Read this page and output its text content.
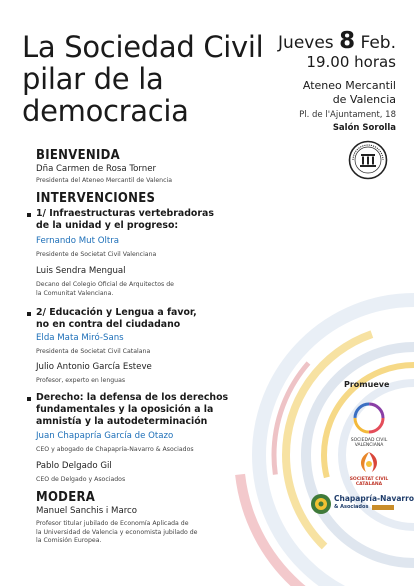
La Sociedad Civil
pilar de la
democracia
Jueves 8 Feb.
19.00 horas
Ateneo Mercantil
de Valencia
Pl. de l'Ajuntament, 18
Salón Sorolla
BIENVENIDA
Dña Carmen de Rosa Torner
Presidenta del Ateneo Mercantil de Valencia
INTERVENCIONES
1/ Infraestructuras vertebradoras
de la unidad y el progreso:
Fernando Mut Oltra
Presidente de Societat Civil Valenciana
Luis Sendra Mengual
Decano del Colegio Oficial de Arquitectos de
la Comunitat Valenciana.
2/ Educación y Lengua a favor,
no en contra del ciudadano
Elda Mata Miró-Sans
Presidenta de Societat Civil Catalana
Julio Antonio García Esteve
Profesor, experto en lenguas
Derecho: la defensa de los derechos
fundamentales y la oposición a la
amnistía y la autodeterminación
Juan Chapapría García de Otazo
CEO y abogado de Chapapría-Navarro & Asociados
Pablo Delgado Gil
CEO de Delgado y Asociados
MODERA
Manuel Sanchis i Marco
Profesor titular jubilado de Economía Aplicada de
la Universidad de Valencia y economista jubilado de
la Comisión Europea.
Promueve
SOCIEDAD CIVIL
VALENCIANA
SOCIETAT CIVIL
CATALANA
Chapapría-Navarro
& Asociados
